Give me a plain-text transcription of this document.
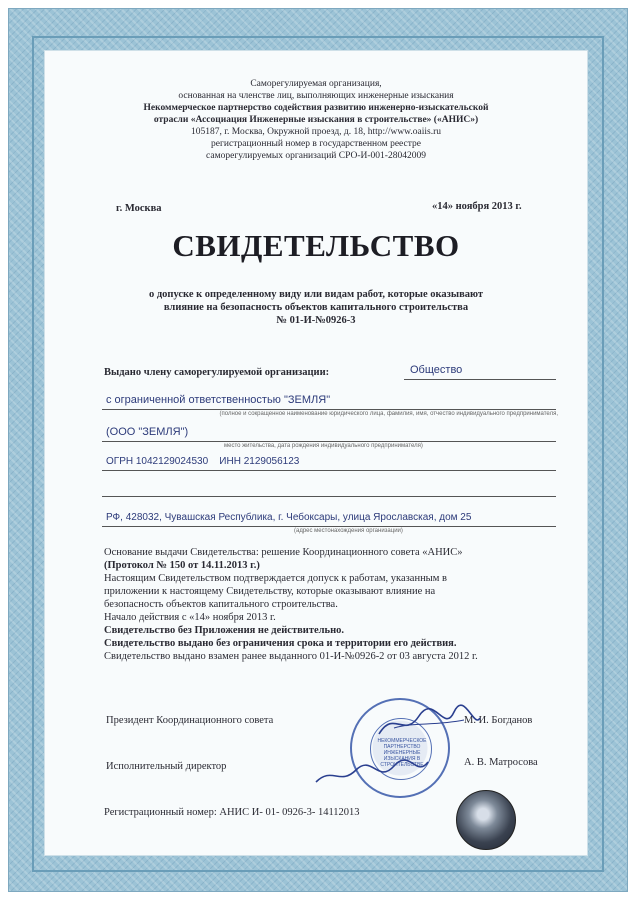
Саморегулируемая организация,
основанная на членстве лиц, выполняющих инженерные изыскания
Некоммерческое партнерство содействия развитию инженерно-изыскательской
отрасли «Ассоциация Инженерные изыскания в строительстве» («АНИС»)
105187, г. Москва, Окружной проезд, д. 18, http://www.oaiis.ru
регистрационный номер в государственном реестре
саморегулируемых организаций СРО-И-001-28042009
г. Москва	«14» ноября 2013 г.
СВИДЕТЕЛЬСТВО
о допуске к определенному виду или видам работ, которые оказывают
влияние на безопасность объектов капитального строительства
№ 01-И-№0926-3
Выдано члену саморегулируемой организации:	Общество
с ограниченной ответственностью "ЗЕМЛЯ"
(полное и сокращенное наименование юридического лица, фамилия, имя, отчество индивидуального предпринимателя,
(ООО "ЗЕМЛЯ")
место жительства, дата рождения индивидуального предпринимателя)
ОГРН 1042129024530 ИНН 2129056123
РФ, 428032, Чувашская Республика, г. Чебоксары, улица Ярославская, дом 25
(адрес местонахождения организации)
Основание выдачи Свидетельства: решение Координационного совета «АНИС»
(Протокол № 150 от 14.11.2013 г.)
Настоящим Свидетельством подтверждается допуск к работам, указанным в
приложении к настоящему Свидетельству, которые оказывают влияние на
безопасность объектов капитального строительства.
Начало действия с «14» ноября 2013 г.
Свидетельство без Приложения не действительно.
Свидетельство выдано без ограничения срока и территории его действия.
Свидетельство выдано взамен ранее выданного 01-И-№0926-2 от 03 августа 2012 г.
Президент Координационного совета	М. И. Богданов
Исполнительный директор	А. В. Матросова
НЕКОММЕРЧЕСКОЕ ПАРТНЕРСТВО ИНЖЕНЕРНЫЕ ИЗЫСКАНИЯ В СТРОИТЕЛЬСТВЕ
Регистрационный номер: АНИС И- 01- 0926-3- 14112013
